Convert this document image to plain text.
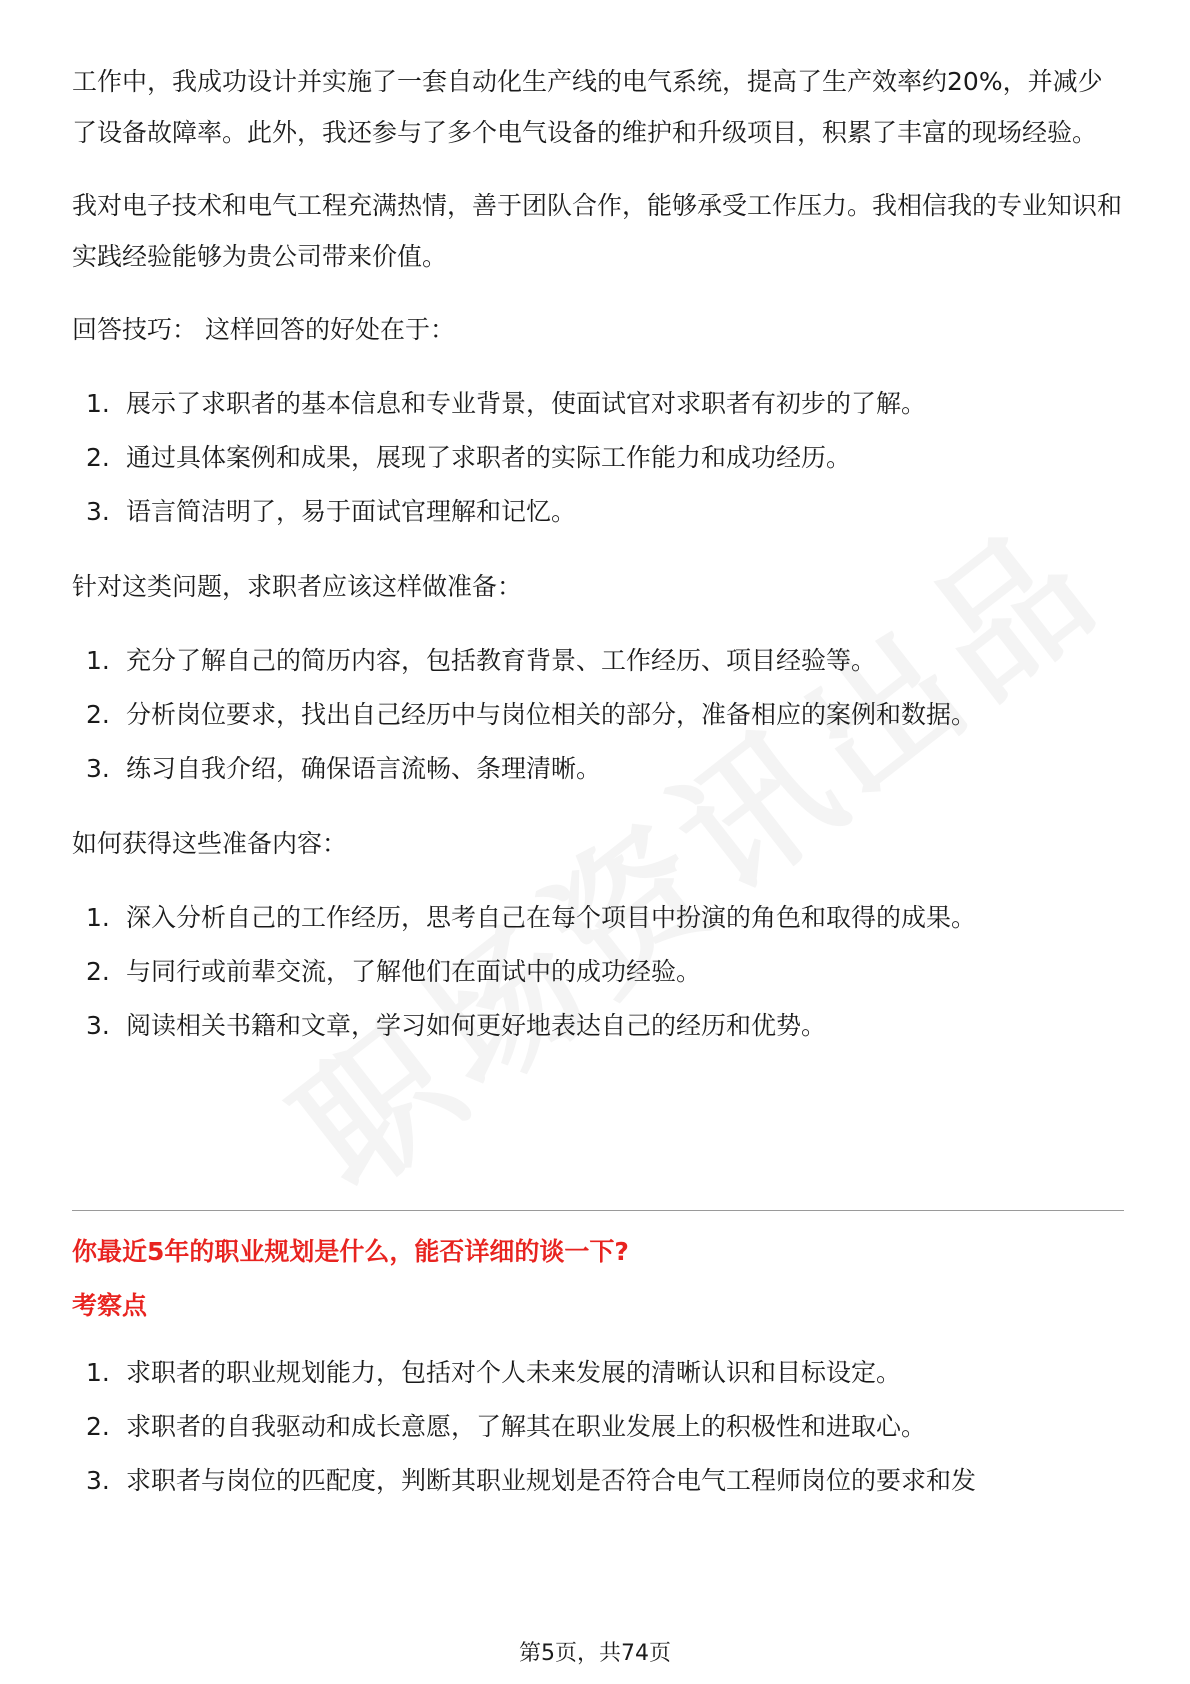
工作中，我成功设计并实施了一套自动化生产线的电气系统，提高了生产效率约20%，并减少了设备故障率。此外，我还参与了多个电气设备的维护和升级项目，积累了丰富的现场经验。

我对电子技术和电气工程充满热情，善于团队合作，能够承受工作压力。我相信我的专业知识和实践经验能够为贵公司带来价值。

回答技巧： 这样回答的好处在于：

1. 展示了求职者的基本信息和专业背景，使面试官对求职者有初步的了解。
2. 通过具体案例和成果，展现了求职者的实际工作能力和成功经历。
3. 语言简洁明了，易于面试官理解和记忆。

针对这类问题，求职者应该这样做准备：

1. 充分了解自己的简历内容，包括教育背景、工作经历、项目经验等。
2. 分析岗位要求，找出自己经历中与岗位相关的部分，准备相应的案例和数据。
3. 练习自我介绍，确保语言流畅、条理清晰。

如何获得这些准备内容：

1. 深入分析自己的工作经历，思考自己在每个项目中扮演的角色和取得的成果。
2. 与同行或前辈交流，了解他们在面试中的成功经验。
3. 阅读相关书籍和文章，学习如何更好地表达自己的经历和优势。

你最近5年的职业规划是什么，能否详细的谈一下?

考察点

1. 求职者的职业规划能力，包括对个人未来发展的清晰认识和目标设定。
2. 求职者的自我驱动和成长意愿，了解其在职业发展上的积极性和进取心。
3. 求职者与岗位的匹配度，判断其职业规划是否符合电气工程师岗位的要求和发
第5页，共74页
